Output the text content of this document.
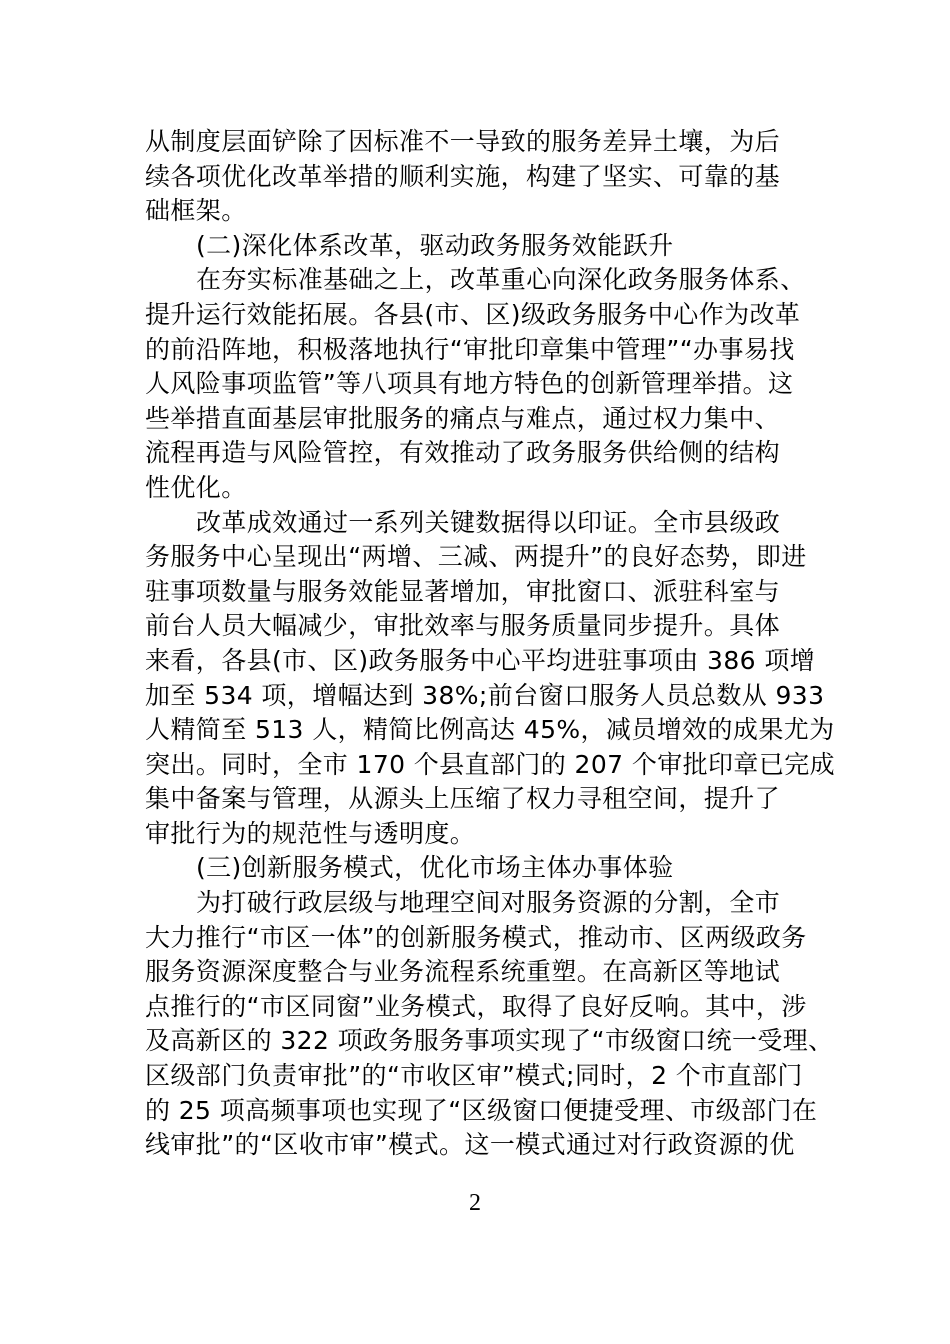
从制度层面铲除了因标准不一导致的服务差异土壤，为后
续各项优化改革举措的顺利实施，构建了坚实、可靠的基
础框架。
(二)深化体系改革，驱动政务服务效能跃升
在夯实标准基础之上，改革重心向深化政务服务体系、
提升运行效能拓展。各县(市、区)级政务服务中心作为改革
的前沿阵地，积极落地执行“审批印章集中管理”“办事易找
人风险事项监管”等八项具有地方特色的创新管理举措。这
些举措直面基层审批服务的痛点与难点，通过权力集中、
流程再造与风险管控，有效推动了政务服务供给侧的结构
性优化。
改革成效通过一系列关键数据得以印证。全市县级政
务服务中心呈现出“两增、三减、两提升”的良好态势，即进
驻事项数量与服务效能显著增加，审批窗口、派驻科室与
前台人员大幅减少，审批效率与服务质量同步提升。具体
来看，各县(市、区)政务服务中心平均进驻事项由 386 项增
加至 534 项，增幅达到 38%;前台窗口服务人员总数从 933
人精简至 513 人，精简比例高达 45%，减员增效的成果尤为
突出。同时，全市 170 个县直部门的 207 个审批印章已完成
集中备案与管理，从源头上压缩了权力寻租空间，提升了
审批行为的规范性与透明度。
(三)创新服务模式，优化市场主体办事体验
为打破行政层级与地理空间对服务资源的分割，全市
大力推行“市区一体”的创新服务模式，推动市、区两级政务
服务资源深度整合与业务流程系统重塑。在高新区等地试
点推行的“市区同窗”业务模式，取得了良好反响。其中，涉
及高新区的 322 项政务服务事项实现了“市级窗口统一受理、
区级部门负责审批”的“市收区审”模式;同时，2 个市直部门
的 25 项高频事项也实现了“区级窗口便捷受理、市级部门在
线审批”的“区收市审”模式。这一模式通过对行政资源的优
2
